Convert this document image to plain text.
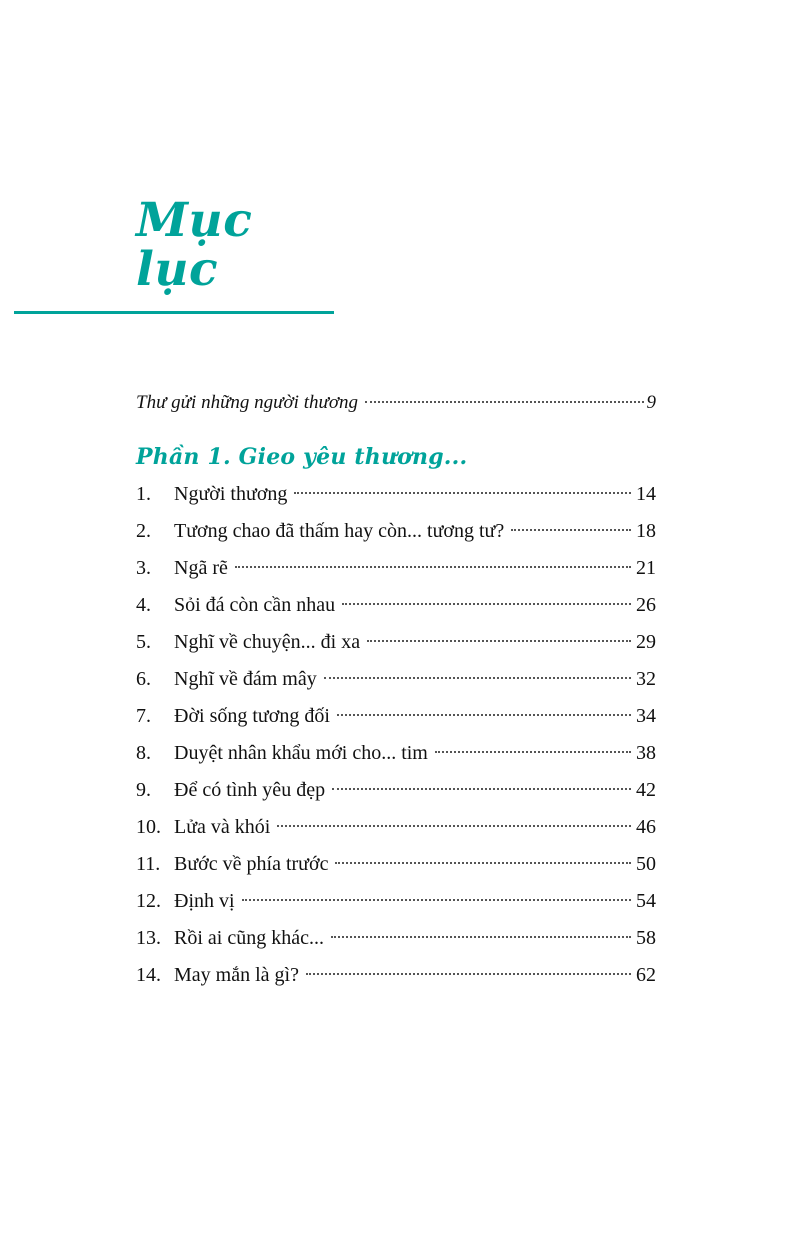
Mục lục
Thư gửi những người thương	9
Phần 1. Gieo yêu thương...
1.	Người thương	14
2.	Tương chao đã thấm hay còn... tương tư?	18
3.	Ngã rẽ	21
4.	Sỏi đá còn cần nhau	26
5.	Nghĩ về chuyện... đi xa	29
6.	Nghĩ về đám mây	32
7.	Đời sống tương đối	34
8.	Duyệt nhân khẩu mới cho... tim	38
9.	Để có tình yêu đẹp	42
10. Lửa và khói	46
11. Bước về phía trước	50
12. Định vị	54
13. Rồi ai cũng khác...	58
14. May mắn là gì?	62
